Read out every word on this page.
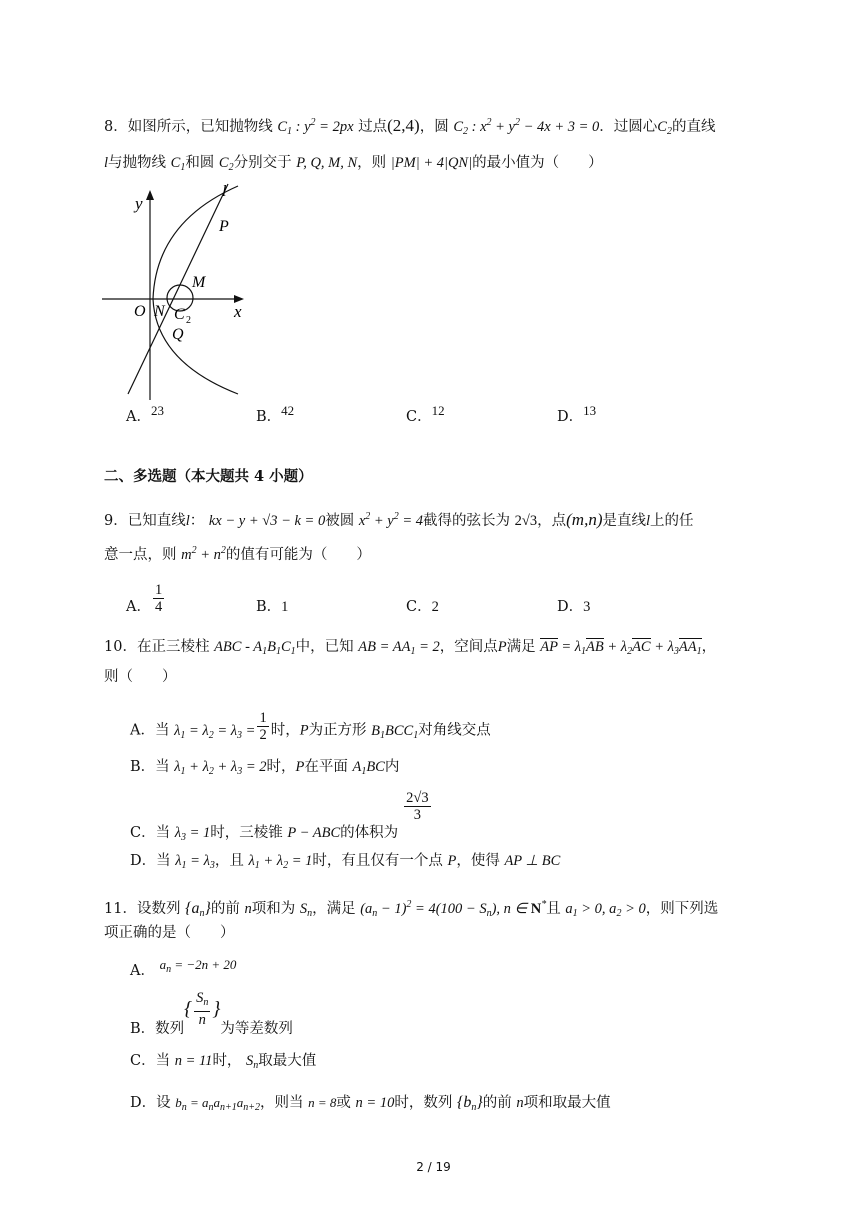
8．如图所示，已知抛物线 $C_1$ : $y^2 = 2px$ 过点(2,4)，圆 $C_2$ : $x^2 + y^2 - 4x + 3 = 0$．过圆心$C_2$的直线
l与抛物线 $C_1$和圆 $C_2$分别交于 P, Q, M, N，则 |PM| + 4|QN|的最小值为（　　）
y
l
P
M
O N C 2	x
Q
A．23	B．42	C．12	D．13
二、多选题（本大题共 4 小题）
9．已知直线l： kx − y + √3 − k = 0被圆 $x^2 + y^2 = 4$截得的弦长为 2√3，点(m,n)是直线l上的任
意一点，则 $m^2 + n^2$的值有可能为（　　）
A． $\frac{1}{4}$	B．1	C．2	D．3
10．在正三棱柱 ABC - $A_1B_1C_1$中，已知 AB = $AA_1 = 2$，空间点P满足 AP = $\lambda_1AB + \lambda_2AC + \lambda_3AA_1$，
则（　　）
A．当 $\lambda_1 = \lambda_2 = \lambda_3 = \frac{1}{2}$ 时，P为正方形 $B_1BCC_1$对角线交点
B．当 $\lambda_1 + \lambda_2 + \lambda_3 = 2$时，P在平面 $A_1BC$内
C．当 $\lambda_3 = 1$时，三棱锥 P − ABC的体积为
$\frac{2√3}{3}$
D．当 $\lambda_1 = \lambda_3$，且 $\lambda_1 + \lambda_2 = 1$时，有且仅有一个点 P，使得 AP ⊥ BC
11．设数列 $\{a_n\}$的前 n项和为 $S_n$，满足 $(a_n - 1)^2 = 4(100 - S_n)$, n ∈ N*且 $a_1 > 0$, $a_2 > 0$，则下列选
项正确的是（　　）
A． $a_n = -2n + 20$
B．数列{ $\frac{S_n}{n}$ }为等差数列
C．当 n = 11时， $S_n$取最大值
D．设 $b_n = a_na_{n+1}a_{n+2}$，则当 n = 8或 n = 10时，数列 $\{b_n\}$的前 n项和取最大值
2 / 19
